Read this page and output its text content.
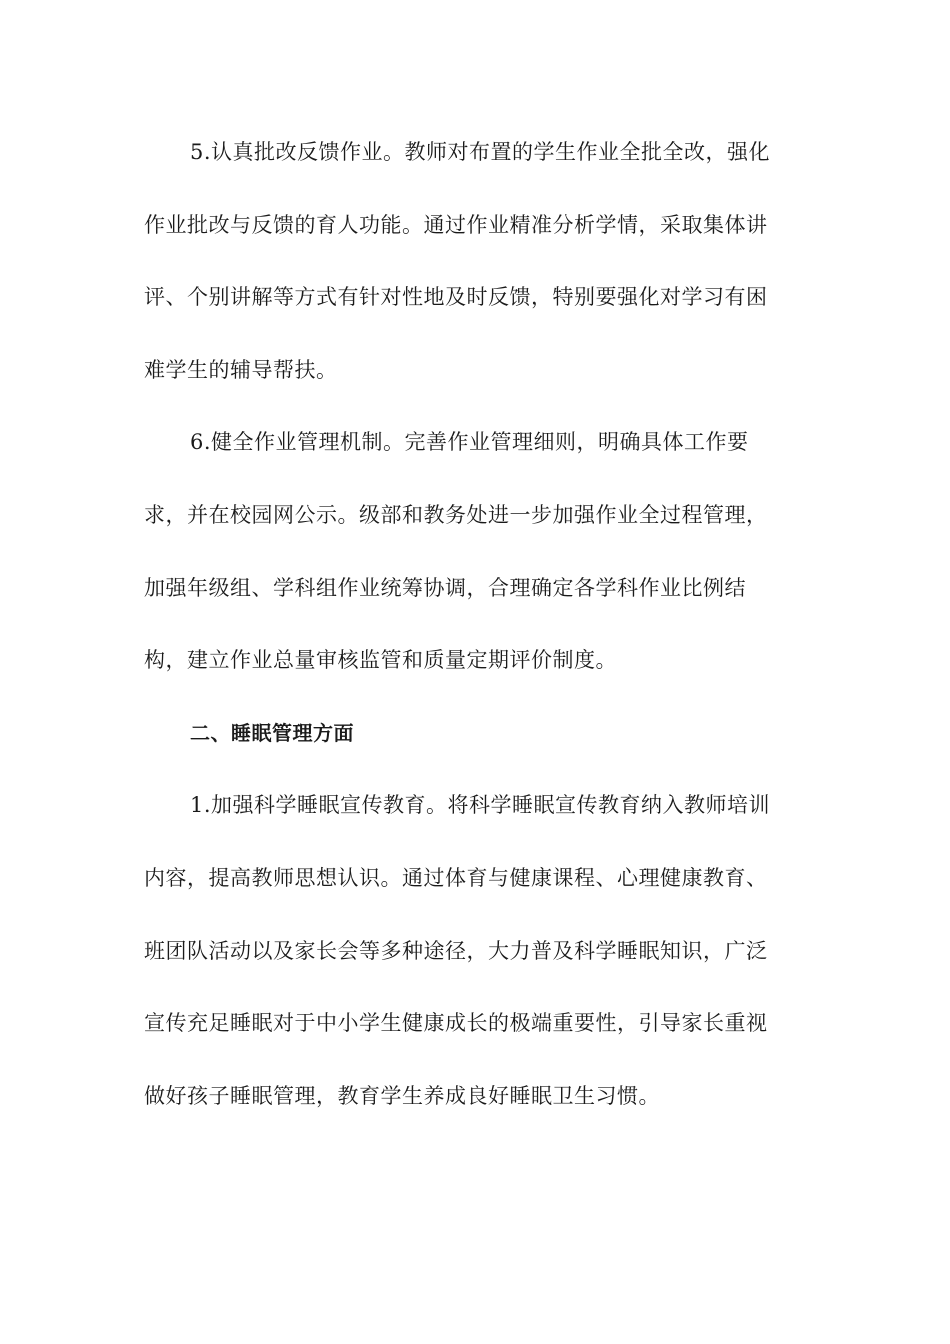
5.认真批改反馈作业。教师对布置的学生作业全批全改，强化
作业批改与反馈的育人功能。通过作业精准分析学情，采取集体讲
评、个别讲解等方式有针对性地及时反馈，特别要强化对学习有困
难学生的辅导帮扶。
6.健全作业管理机制。完善作业管理细则，明确具体工作要
求，并在校园网公示。级部和教务处进一步加强作业全过程管理，
加强年级组、学科组作业统筹协调，合理确定各学科作业比例结
构，建立作业总量审核监管和质量定期评价制度。
二、睡眠管理方面
1.加强科学睡眠宣传教育。将科学睡眠宣传教育纳入教师培训
内容，提高教师思想认识。通过体育与健康课程、心理健康教育、
班团队活动以及家长会等多种途径，大力普及科学睡眠知识，广泛
宣传充足睡眠对于中小学生健康成长的极端重要性，引导家长重视
做好孩子睡眠管理，教育学生养成良好睡眠卫生习惯。
